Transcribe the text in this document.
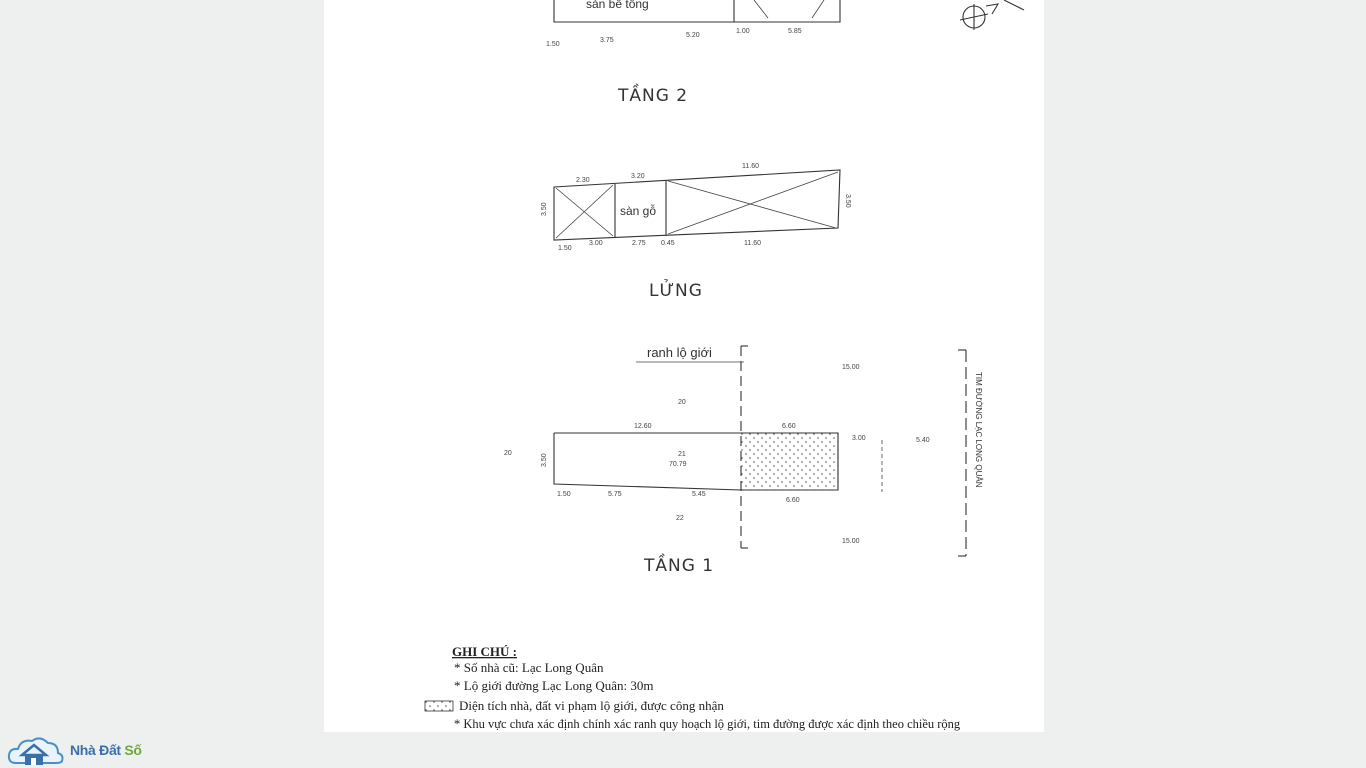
sàn bê tông
1.50
3.75
5.20
1.00	5.85
TẦNG 2
sàn gỗ
2.30
3.20
11.60
1.50
3.00	2.75 0.45	11.60
3.50
3.50
LỬNG
ranh lộ giới
TIM ĐƯỜNG LẠC LONG QUÂN
20
20	21
70.79
22
12.60	6.60
1.50	5.75	5.45
6.60
3.50
3.00	5.40
15.00
15.00
TẦNG 1
GHI CHÚ :
* Số nhà cũ: Lạc Long Quân
* Lộ giới đường Lạc Long Quân: 30m
Diện tích nhà, đất vi phạm lộ giới, được công nhận
* Khu vực chưa xác định chính xác ranh quy hoạch lộ giới, tim đường được xác định theo chiều rộng
Nhà Đất Số
